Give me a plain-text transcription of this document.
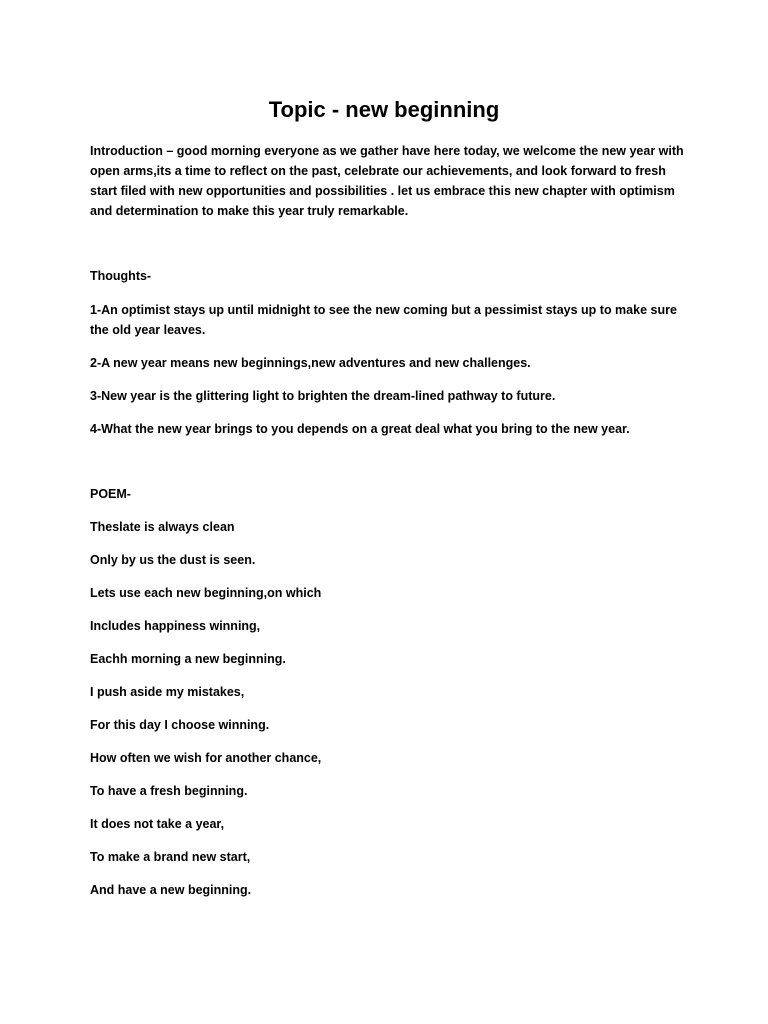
Topic - new beginning

Introduction – good morning everyone as we gather have here today, we welcome the new year with open arms,its a time to reflect on the past, celebrate our achievements, and look forward to fresh start filed with new opportunities and possibilities . let us embrace this new chapter with optimism and determination to make this year truly remarkable.

Thoughts-

1-An optimist stays up until midnight to see the new coming but a pessimist stays up to make sure the old year leaves.

2-A new year means new beginnings,new adventures and new challenges.

3-New year is the glittering light to brighten the dream-lined pathway to future.

4-What the new year brings to you depends on a great deal what you bring to the new year.

POEM-

Theslate is always clean

Only by us the dust is seen.

Lets use each new beginning,on which

Includes happiness winning,

Eachh morning a new beginning.

I push aside my mistakes,

For this day I choose winning.

How often we wish for another chance,

To have a fresh beginning.

It does not take a year,

To make a brand new start,

And have a new beginning.
